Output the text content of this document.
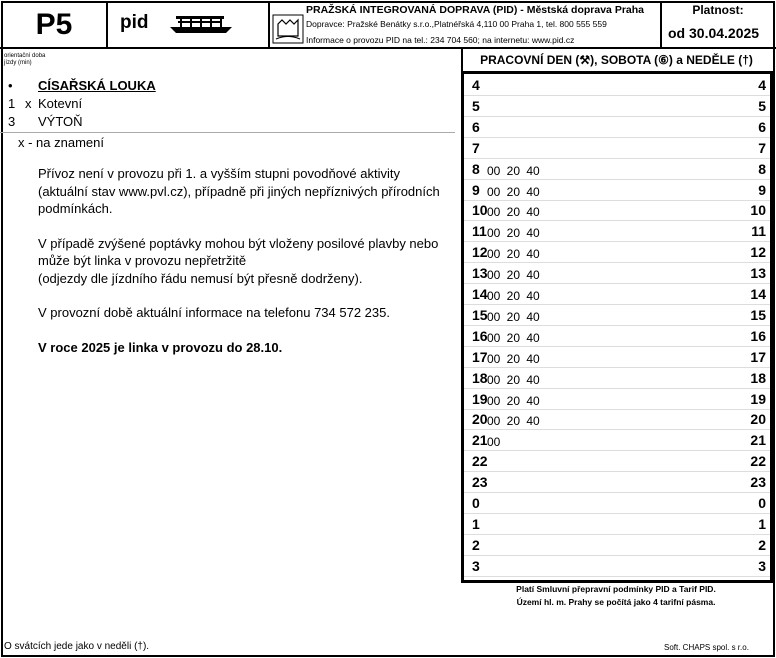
P5	pid
PRAŽSKÁ INTEGROVANÁ DOPRAVA (PID) - Městská doprava Praha
Dopravce: Pražské Benátky s.r.o.,Platnéřská 4,110 00 Praha 1, tel. 800 555 559
Informace o provozu PID na tel.: 234 704 560; na internetu: www.pid.cz
Platnost:
od 30.04.2025
orientační doba
jízdy (min)
• CÍSAŘSKÁ LOUKA
1 x Kotevní
3 VÝTOŇ
x - na znamení

Přívoz není v provozu při 1. a vyšším stupni povodňové aktivity (aktuální stav www.pvl.cz), případně při jiných nepříznivých přírodních podmínkách.

V případě zvýšené poptávky mohou být vloženy posilové plavby nebo může být linka v provozu nepřetržitě
(odjezdy dle jízdního řádu nemusí být přesně dodrženy).

V provozní době aktuální informace na telefonu 734 572 235.

V roce 2025 je linka v provozu do 28.10.

PRACOVNÍ DEN (⚒), SOBOTA (⑥) a NEDĚLE (†)
4	4
5	5
6	6
7	7
8 00 20 40	8
9 00 20 40	9
10 00 20 40	10
11 00 20 40	11
12 00 20 40	12
13 00 20 40	13
14 00 20 40	14
15 00 20 40	15
16 00 20 40	16
17 00 20 40	17
18 00 20 40	18
19 00 20 40	19
20 00 20 40	20
21 00	21
22	22
23	23
0	0
1	1
2	2
3	3
Platí Smluvní přepravní podmínky PID a Tarif PID.
Území hl. m. Prahy se počítá jako 4 tarifní pásma.
O svátcích jede jako v neděli (†).	Soft. CHAPS spol. s r.o.
